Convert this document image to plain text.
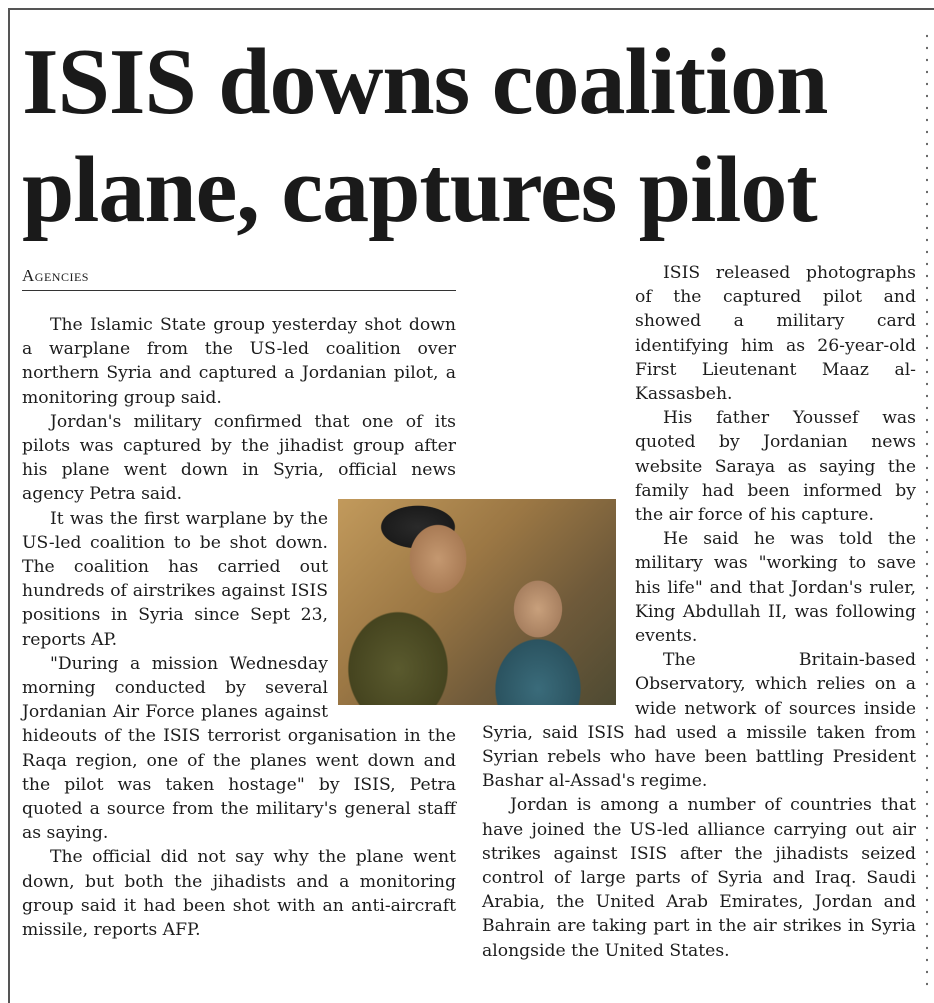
ISIS downs coalition
plane, captures pilot
Agencies

The Islamic State group yesterday shot down a warplane from the US-led coalition over northern Syria and captured a Jordanian pilot, a monitoring group said.

Jordan's military confirmed that one of its pilots was captured by the jihadist group after his plane went down in Syria, official news agency Petra said.

It was the first warplane by the US-led coalition to be shot down. The coalition has carried out hundreds of airstrikes against ISIS positions in Syria since Sept 23, reports AP.

"During a mission Wednesday morning conducted by several Jordanian Air Force planes against hideouts of the ISIS terrorist organisation in the Raqa region, one of the planes went down and the pilot was taken hostage" by ISIS, Petra quoted a source from the military's general staff as saying.

The official did not say why the plane went down, but both the jihadists and a monitoring group said it had been shot with an anti-aircraft missile, reports AFP.

ISIS released photographs of the captured pilot and showed a military card identifying him as 26-year-old First Lieutenant Maaz al-Kassasbeh.

His father Youssef was quoted by Jordanian news website Saraya as saying the family had been informed by the air force of his capture.

He said he was told the military was "working to save his life" and that Jordan's ruler, King Abdullah II, was following events.

The Britain-based Observatory, which relies on a wide network of sources inside Syria, said ISIS had used a missile taken from Syrian rebels who have been battling President Bashar al-Assad's regime.

Jordan is among a number of countries that have joined the US-led alliance carrying out air strikes against ISIS after the jihadists seized control of large parts of Syria and Iraq. Saudi Arabia, the United Arab Emirates, Jordan and Bahrain are taking part in the air strikes in Syria alongside the United States.
